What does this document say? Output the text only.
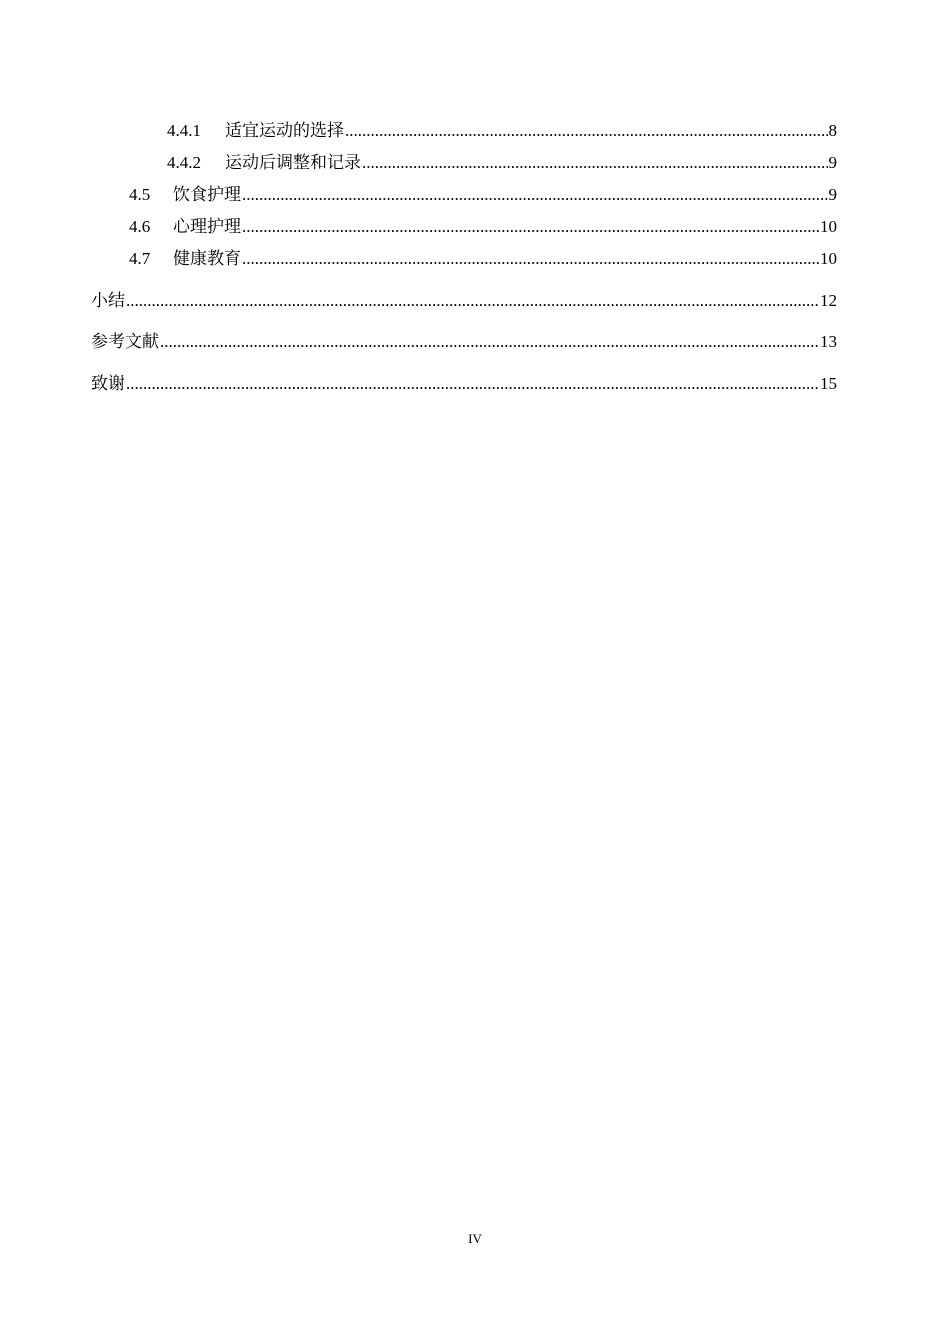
4.4.1	适宜运动的选择 .....	8
4.4.2	运动后调整和记录 .....	9
4.5	饮食护理 .....	9
4.6	心理护理 .....	10
4.7	健康教育 .....	10
小结 .....	12
参考文献 .....	13
致谢 .....	15
IV
